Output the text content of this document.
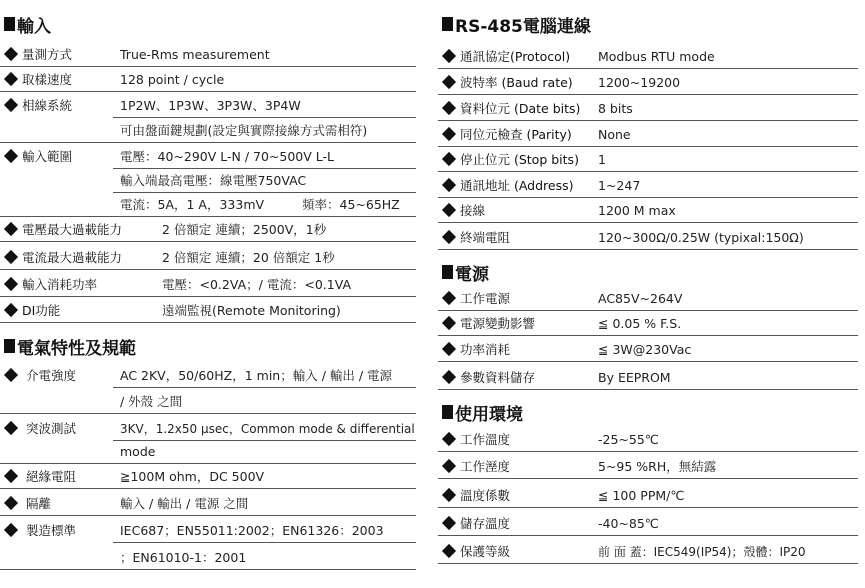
輸入
量測方式	True-Rms measurement
取樣速度	128 point / cycle
相線系統	1P2W、1P3W、3P3W、3P4W
可由盤面鍵規劃(設定與實際接線方式需相符)
輸入範圍	電壓：40~290V L-N / 70~500V L-L
輸入端最高電壓：線電壓750VAC
電流：5A，1 A，333mV	頻率：45~65HZ
電壓最大過載能力	2 倍額定 連續；2500V，1秒
電流最大過載能力	2 倍額定 連續；20 倍額定 1秒
輸入消耗功率	電壓：<0.2VA；/ 電流：<0.1VA
DI功能	遠端監視(Remote Monitoring)
電氣特性及規範
介電強度	AC 2KV，50/60HZ，1 min；輸入 / 輸出 / 電源
/ 外殼 之間
突波測試	3KV，1.2x50 μsec，Common mode & differential
mode
絕緣電阻	≧100M ohm，DC 500V
隔離	輸入 / 輸出 / 電源 之間
製造標準	IEC687；EN55011:2002；EN61326：2003
；EN61010-1：2001
RS-485電腦連線
通訊協定(Protocol) Modbus RTU mode
波特率 (Baud rate) 1200~19200
資料位元 (Date bits) 8 bits
同位元檢查 (Parity) None
停止位元 (Stop bits) 1
通訊地址 (Address) 1~247
接線	1200 M max
終端電阻	120~300Ω/0.25W (typixal:150Ω)
電源
工作電源	AC85V~264V
電源變動影響	≦ 0.05 % F.S.
功率消耗	≦ 3W@230Vac
參數資料儲存	By EEPROM
使用環境
工作溫度	-25~55℃
工作溼度	5~95 %RH，無結露
溫度係數	≦ 100 PPM/℃
儲存溫度	-40~85℃
保護等級	前 面 蓋：IEC549(IP54)；殼體：IP20
